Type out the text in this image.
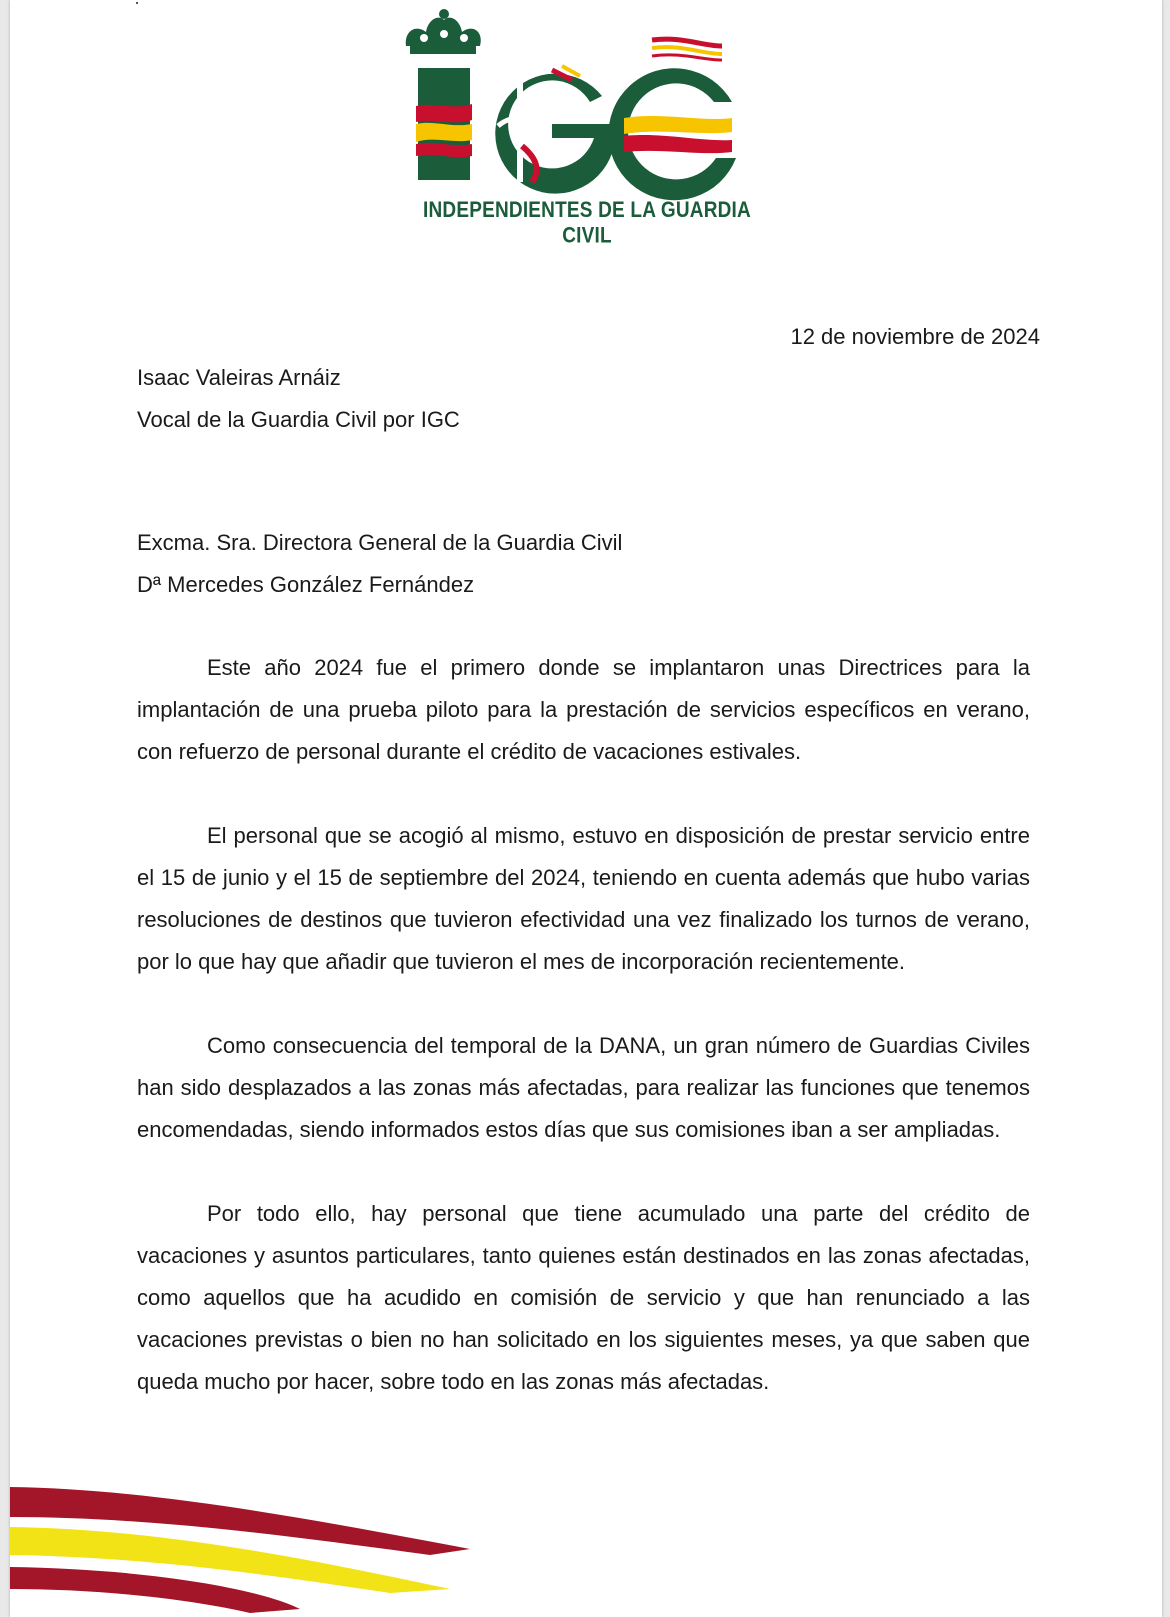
INDEPENDIENTES DE LA GUARDIA CIVIL
12 de noviembre de 2024
Isaac Valeiras Arnáiz
Vocal de la Guardia Civil por IGC
Excma. Sra. Directora General de la Guardia Civil
Dª Mercedes González Fernández

Este año 2024 fue el primero donde se implantaron unas Directrices para la implantación de una prueba piloto para la prestación de servicios específicos en verano, con refuerzo de personal durante el crédito de vacaciones estivales.

El personal que se acogió al mismo, estuvo en disposición de prestar servicio entre el 15 de junio y el 15 de septiembre del 2024, teniendo en cuenta además que hubo varias resoluciones de destinos que tuvieron efectividad una vez finalizado los turnos de verano, por lo que hay que añadir que tuvieron el mes de incorporación recientemente.

Como consecuencia del temporal de la DANA, un gran número de Guardias Civiles han sido desplazados a las zonas más afectadas, para realizar las funciones que tenemos encomendadas, siendo informados estos días que sus comisiones iban a ser ampliadas.

Por todo ello, hay personal que tiene acumulado una parte del crédito de vacaciones y asuntos particulares, tanto quienes están destinados en las zonas afectadas, como aquellos que ha acudido en comisión de servicio y que han renunciado a las vacaciones previstas o bien no han solicitado en los siguientes meses, ya que saben que queda mucho por hacer, sobre todo en las zonas más afectadas.
